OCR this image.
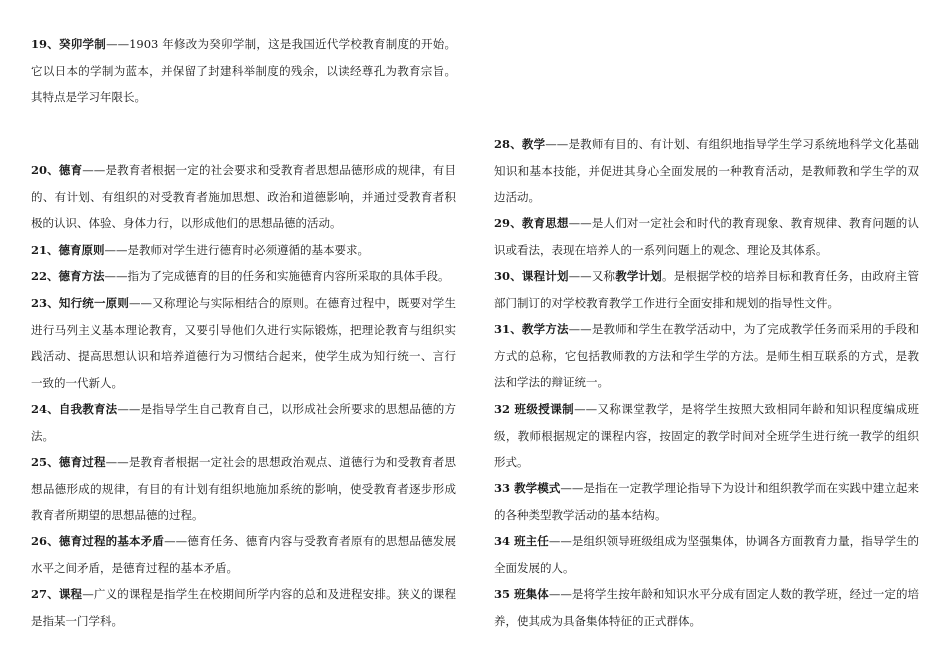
19、癸卯学制——1903 年修改为癸卯学制，这是我国近代学校教育制度的开始。它以日本的学制为蓝本，并保留了封建科举制度的残余，以读经尊孔为教育宗旨。其特点是学习年限长。

20、德育——是教育者根据一定的社会要求和受教育者思想品德形成的规律，有目的、有计划、有组织的对受教育者施加思想、政治和道德影响，并通过受教育者积极的认识、体验、身体力行，以形成他们的思想品德的活动。

21、德育原则——是教师对学生进行德育时必须遵循的基本要求。

22、德育方法——指为了完成德育的目的任务和实施德育内容所采取的具体手段。

23、知行统一原则——又称理论与实际相结合的原则。在德育过程中，既要对学生进行马列主义基本理论教育，又要引导他们久进行实际锻炼，把理论教育与组织实践活动、提高思想认识和培养道德行为习惯结合起来，使学生成为知行统一、言行一致的一代新人。

24、自我教育法——是指导学生自己教育自己，以形成社会所要求的思想品德的方法。

25、德育过程——是教育者根据一定社会的思想政治观点、道德行为和受教育者思想品德形成的规律，有目的有计划有组织地施加系统的影响，使受教育者逐步形成教育者所期望的思想品德的过程。

26、德育过程的基本矛盾——德育任务、德育内容与受教育者原有的思想品德发展水平之间矛盾，是德育过程的基本矛盾。

27、课程—广义的课程是指学生在校期间所学内容的总和及进程安排。狭义的课程是指某一门学科。

28、教学——是教师有目的、有计划、有组织地指导学生学习系统地科学文化基础知识和基本技能，并促进其身心全面发展的一种教育活动，是教师教和学生学的双边活动。

29、教育思想——是人们对一定社会和时代的教育现象、教育规律、教育问题的认识或看法，表现在培养人的一系列问题上的观念、理论及其体系。

30、课程计划——又称教学计划。是根据学校的培养目标和教育任务，由政府主管部门制订的对学校教育教学工作进行全面安排和规划的指导性文件。

31、教学方法——是教师和学生在教学活动中，为了完成教学任务而采用的手段和方式的总称，它包括教师教的方法和学生学的方法。是师生相互联系的方式，是教法和学法的辩证统一。

32 班级授课制——又称课堂教学，是将学生按照大致相同年龄和知识程度编成班级，教师根据规定的课程内容，按固定的教学时间对全班学生进行统一教学的组织形式。

33 教学模式——是指在一定教学理论指导下为设计和组织教学而在实践中建立起来的各种类型教学活动的基本结构。

34 班主任——是组织领导班级组成为坚强集体，协调各方面教育力量，指导学生的全面发展的人。

35 班集体——是将学生按年龄和知识水平分成有固定人数的教学班，经过一定的培养，使其成为具备集体特征的正式群体。
